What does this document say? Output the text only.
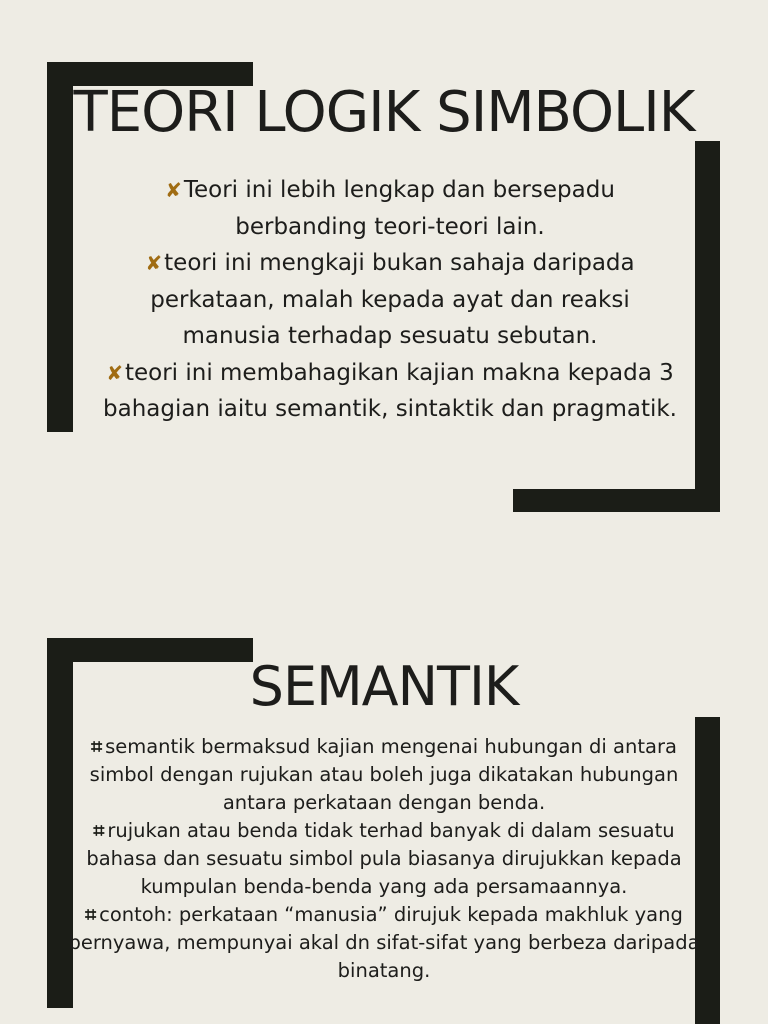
TEORI LOGIK SIMBOLIK
✘Teori ini lebih lengkap dan bersepadu berbanding teori-teori lain.
✘teori ini mengkaji bukan sahaja daripada perkataan, malah kepada ayat dan reaksi manusia terhadap sesuatu sebutan.
✘teori ini membahagikan kajian makna kepada 3 bahagian iaitu semantik, sintaktik dan pragmatik.
SEMANTIK
⌗ semantik bermaksud kajian mengenai hubungan di antara simbol dengan rujukan atau boleh juga dikatakan hubungan antara perkataan dengan benda.
⌗ rujukan atau benda tidak terhad banyak di dalam sesuatu bahasa dan sesuatu simbol pula biasanya dirujukkan kepada kumpulan benda-benda yang ada persamaannya.
⌗ contoh: perkataan “manusia” dirujuk kepada makhluk yang bernyawa, mempunyai akal dn sifat-sifat yang berbeza daripada binatang.
